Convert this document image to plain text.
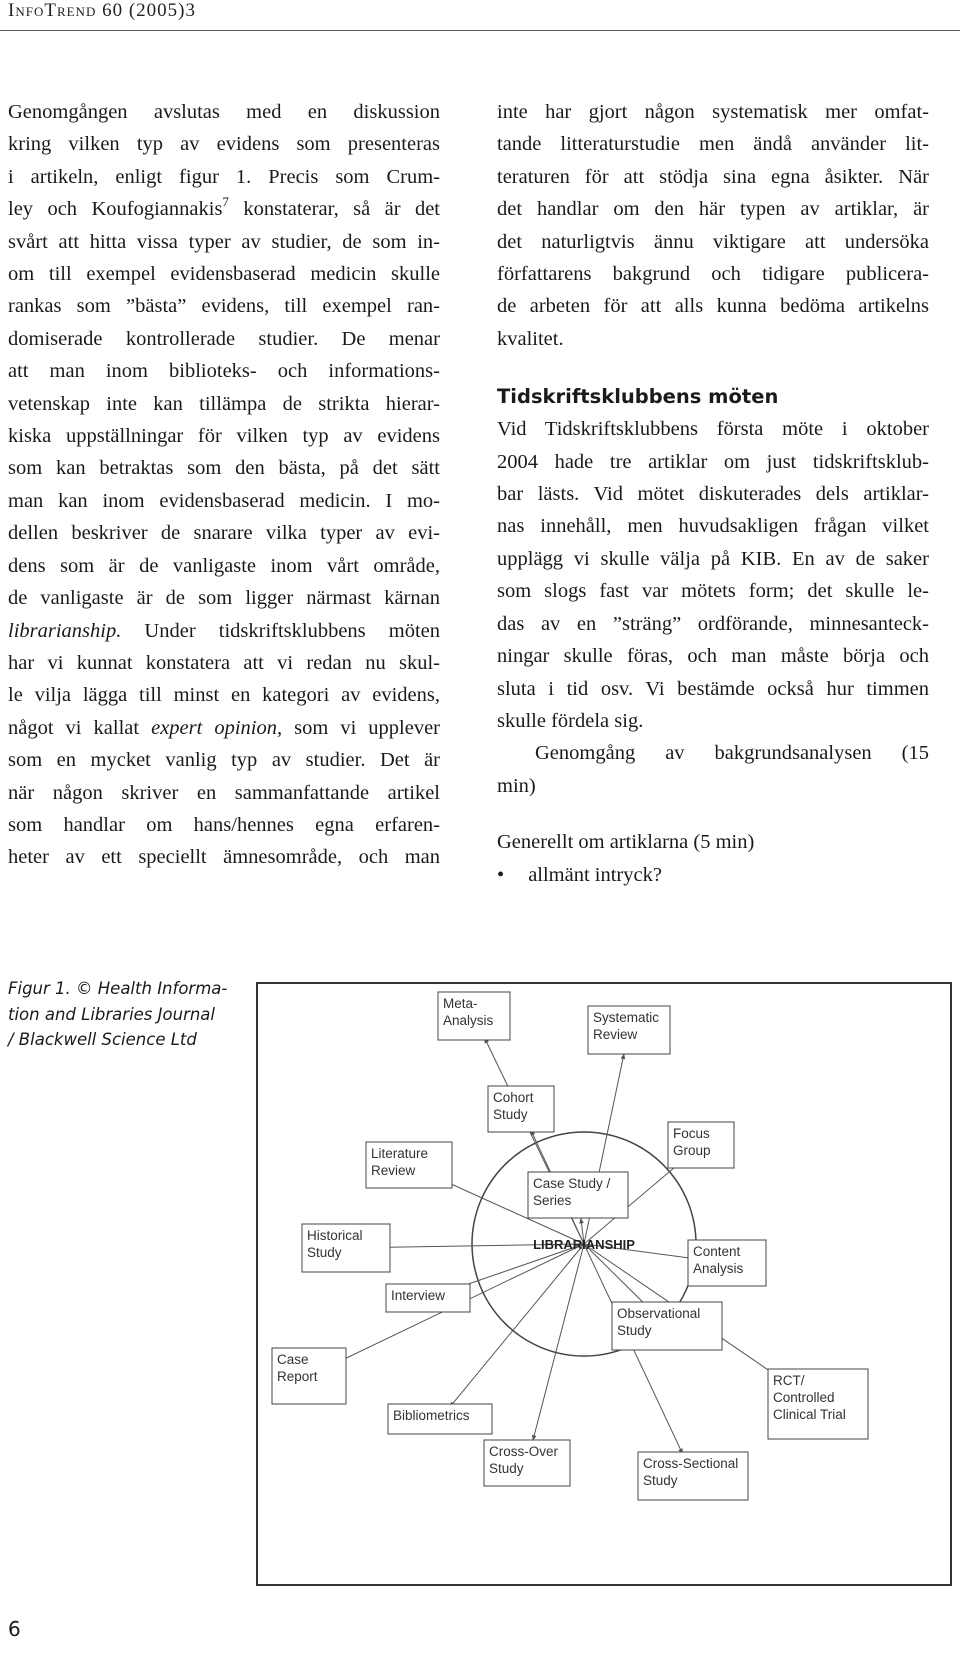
InfoTrend 60 (2005)3
Genomgången avslutas med en diskussion
kring vilken typ av evidens som presenteras
i artikeln, enligt figur 1. Precis som Crum-
ley och Koufogiannakis$^7$ konstaterar, så är det
svårt att hitta vissa typer av studier, de som in-
om till exempel evidensbaserad medicin skulle
rankas som ”bästa” evidens, till exempel ran-
domiserade kontrollerade studier. De menar
att man inom biblioteks- och informations-
vetenskap inte kan tillämpa de strikta hierar-
kiska uppställningar för vilken typ av evidens
som kan betraktas som den bästa, på det sätt
man kan inom evidensbaserad medicin. I mo-
dellen beskriver de snarare vilka typer av evi-
dens som är de vanligaste inom vårt område,
de vanligaste är de som ligger närmast kärnan
librarianship. Under tidskriftsklubbens möten
har vi kunnat konstatera att vi redan nu skul-
le vilja lägga till minst en kategori av evidens,
något vi kallat expert opinion, som vi upplever
som en mycket vanlig typ av studier. Det är
när någon skriver en sammanfattande artikel
som handlar om hans/hennes egna erfaren-
heter av ett speciellt ämnesområde, och man
inte har gjort någon systematisk mer omfat-
tande litteraturstudie men ändå använder lit-
teraturen för att stödja sina egna åsikter. När
det handlar om den här typen av artiklar, är
det naturligtvis ännu viktigare att undersöka
författarens bakgrund och tidigare publicera-
de arbeten för att alls kunna bedöma artikelns
kvalitet.
Tidskriftsklubbens möten
Vid Tidskriftsklubbens första möte i oktober
2004 hade tre artiklar om just tidskriftsklub-
bar lästs. Vid mötet diskuterades dels artiklar-
nas innehåll, men huvudsakligen frågan vilket
upplägg vi skulle välja på KIB. En av de saker
som slogs fast var mötets form; det skulle le-
das av en ”sträng” ordförande, minnesanteck-
ningar skulle föras, och man måste börja och
sluta i tid osv. Vi bestämde också hur timmen
skulle fördela sig.
Genomgång av bakgrundsanalysen (15
min)
Generellt om artiklarna (5 min)
• allmänt intryck?
Figur 1. © Health Informa-
tion and Libraries Journal
/ Blackwell Science Ltd
Meta-
Analysis	Systematic
Review
Cohort
Study
Focus
Group
Literature
Review
Case Study /
Series
Historical
Study	Content
Analysis
Interview
Observational
Study
Case
Report	RCT/
Controlled
Clinical Trial
Bibliometrics
Cross-Over
Study	Cross-Sectional
Study
LIBRARIANSHIP
6
